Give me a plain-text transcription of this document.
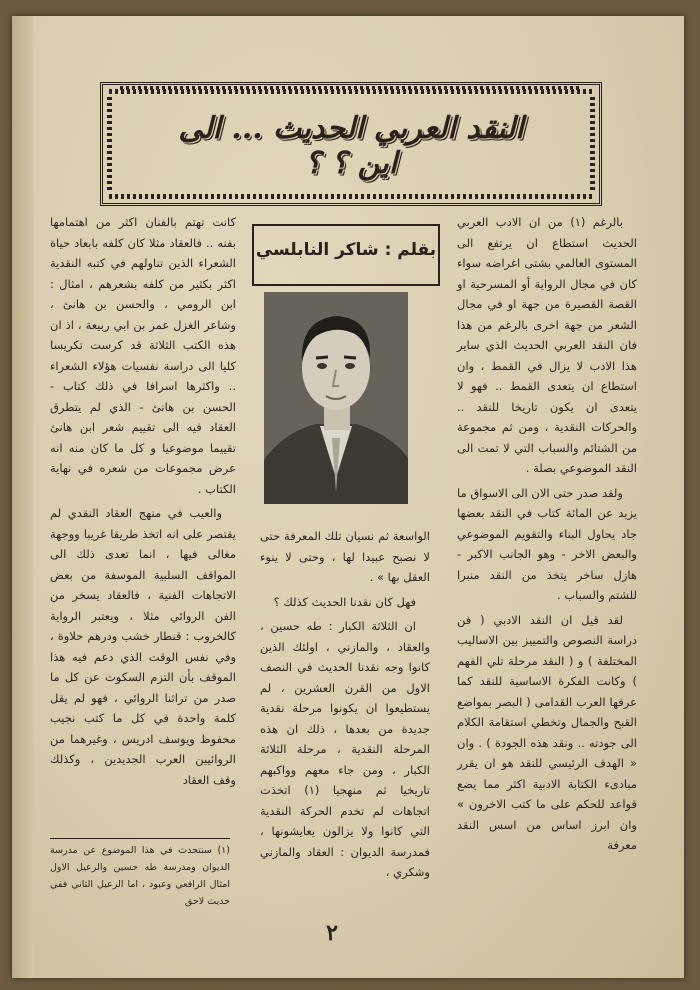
النقد العربي الحديث ... الى اين ؟ ؟

بالرغم (١) من ان الادب العربي الحديث استطاع ان يرتفع الى المستوى العالمي بشتى اغراضه سواء كان في مجال الرواية أو المسرحية او القصة القصيرة من جهة او في مجال الشعر من جهة اخرى بالرغم من هذا فان النقد العربي الحديث الذي ساير هذا الادب لا يزال في القمط ، وان استطاع ان يتعدى القمط .. فهو لا يتعدى ان يكون تاريخا للنقد .. والحركات النقدية ، ومن ثم مجموعة من الشتائم والسباب التي لا تمت الى النقد الموضوعي بصلة .

ولقد صدر حتى الان الى الاسواق ما يزيد عن المائة كتاب في النقد بعضها جاد يحاول البناء والتقويم الموضوعي والبعض الاخر - وهو الجانب الاكبر - هازل ساخر يتخذ من النقد منبرا للشتم والسباب .

لقد قيل ان النقد الادبي ( فن دراسة النصوص والتمييز بين الاساليب المختلفة ) و ( النقد مرحلة تلي الفهم ) وكانت الفكرة الاساسية للنقد كما عرفها العرب القدامى ( البصر بمواضع القبح والجمال وتخطي استقامة الكلام الى جودته .. ونقد هذه الجودة ) . وان « الهدف الرئيسي للنقد هو ان يقرر مبادىء الكتابة الادبية اكثر مما يضع قواعد للحكم على ما كتب الاخرون » وان ابرز اساس من اسس النقد معرفة

بقلم : شاكر النابلسي

الواسعة ثم نسيان تلك المعرفة حتى لا نصبح عبيدا لها ، وحتى لا ينوء العقل بها » .

فهل كان نقدنا الحديث كذلك ؟

ان الثلاثة الكبار : طه حسين ، والعقاد ، والمازني ، اولئك الذين كانوا وجه نقدنا الحديث في النصف الاول من القرن العشرين ، لم يستطيعوا ان يكونوا مرحلة نقدية جديدة من بعدها ، ذلك ان هذه المرحلة النقدية ، مرحلة الثلاثة الكبار ، ومن جاء معهم وواكبهم تاريخيا ثم منهجيا (١) اتخذت اتجاهات لم تخدم الحركة النقدية التي كانوا ولا يزالون يعايشونها ، فمدرسة الديوان : العقاد والمازني وشكري ،

كانت تهتم بالفنان اكثر من اهتمامها بفنه .. فالعقاد مثلا كان كلفه بابعاد حياة الشعراء الذين تناولهم في كتبه النقدية اكثر بكثير من كلفه بشعرهم ، امثال : ابن الرومي ، والحسن بن هانئ ، وشاعر الغزل عمر بن ابي ربيعة ، اذ ان هذه الكتب الثلاثة قد كرست تكريسا كليا الى دراسة نفسيات هؤلاء الشعراء .. واكثرها اسرافا في ذلك كتاب - الحسن بن هانئ - الذي لم يتطرق العقاد فيه الى تقييم شعر ابن هانئ تقييما موضوعيا و كل ما كان منه انه عرض مجموعات من شعره في نهاية الكتاب .

والعيب في منهج العقاد النقدي لم يقتصر على انه اتخذ طريقا غريبا ووجهة مغالى فيها ، انما تعدى ذلك الى المواقف السلبية الموسفة من بعض الاتجاهات الفنية ، فالعقاد يسخر من الفن الروائي مثلا ، ويعتبر الرواية كالخروب : قنطار خشب ودرهم حلاوة ، وفي نفس الوقت الذي دعم فيه هذا الموقف بأن التزم السكوت عن كل ما صدر من تراثنا الروائي ، فهو لم يقل كلمة واحدة في كل ما كتب نجيب محفوظ ويوسف ادريس ، وغيرهما من الروائيين العرب الجديدين ، وكذلك وقف العقاد

(١) سنتحدث في هذا الموضوع عن مدرسة الديوان ومدرسة طه حسين والرعيل الاول امثال الرافعي وعبود ، اما الرعيل الثاني ففي حديث لاحق
٢
